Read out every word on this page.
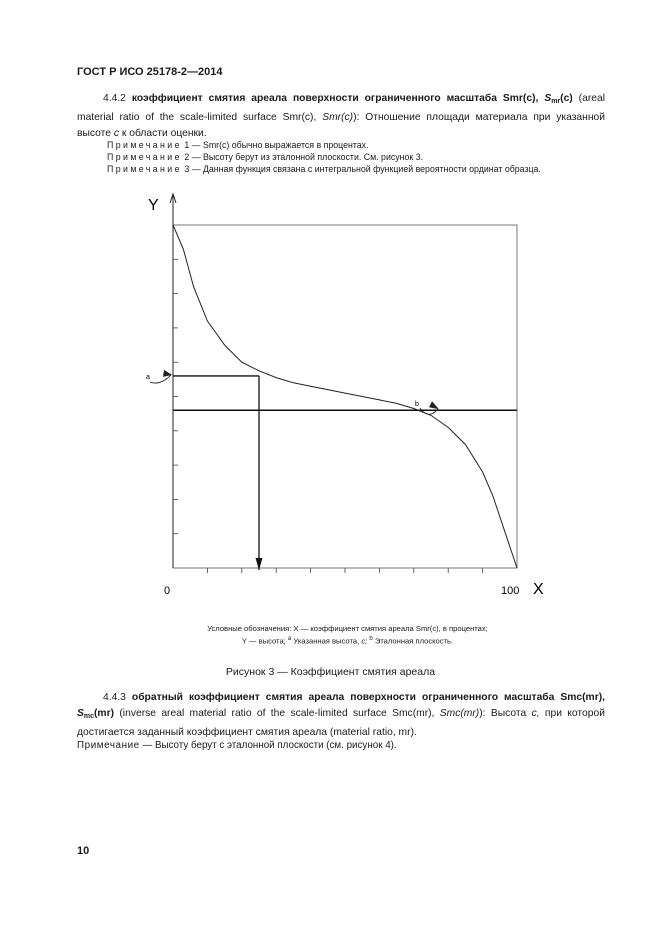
ГОСТ Р ИСО 25178-2—2014
4.4.2 коэффициент смятия ареала поверхности ограниченного масштаба Smr(c), $S_{mr}(c)$ (areal material ratio of the scale-limited surface Smr(c), Smr(c)): Отношение площади материала при указанной высоте c к области оценки.
Примечание 1 — Smr(c) обычно выражается в процентах.
Примечание 2 — Высоту берут из эталонной плоскости. См. рисунок 3.
Примечание 3 — Данная функция связана с интегральной функцией вероятности ординат образца.
Y
X
0	100
a
b
Условные обозначения: X — коэффициент смятия ареала Smr(c), в процентах;
Y — высота; $^a$ Указанная высота, c; $^b$ Эталонная плоскость.
Рисунок 3 — Коэффициент смятия ареала
4.4.3 обратный коэффициент смятия ареала поверхности ограниченного масштаба Smc(mr), $S_{mc}(mr)$ (inverse areal material ratio of the scale-limited surface Smc(mr), Smc(mr)): Высота c, при которой достигается заданный коэффициент смятия ареала (material ratio, mr).
Примечание — Высоту берут с эталонной плоскости (см. рисунок 4).
10
